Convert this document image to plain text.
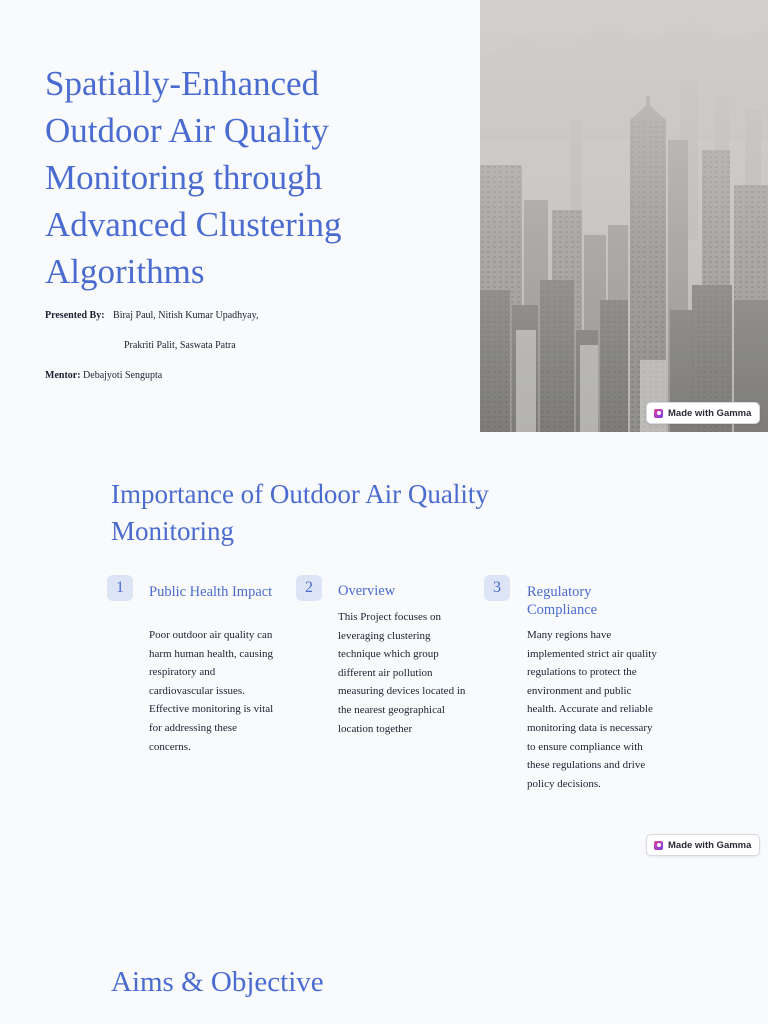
Spatially-Enhanced Outdoor Air Quality Monitoring through Advanced Clustering Algorithms
Presented By: Biraj Paul, Nitish Kumar Upadhyay,
Prakriti Palit, Saswata Patra
Mentor: Debajyoti Sengupta
Made with Gamma
Importance of Outdoor Air Quality Monitoring
1	Public Health Impact
Poor outdoor air quality can harm human health, causing respiratory and cardiovascular issues. Effective monitoring is vital for addressing these concerns.
2	Overview
This Project focuses on leveraging clustering technique which group different air pollution measuring devices located in the nearest geographical location together
3	Regulatory Compliance
Many regions have implemented strict air quality regulations to protect the environment and public health. Accurate and reliable monitoring data is necessary to ensure compliance with these regulations and drive policy decisions.
Made with Gamma
Aims & Objective
